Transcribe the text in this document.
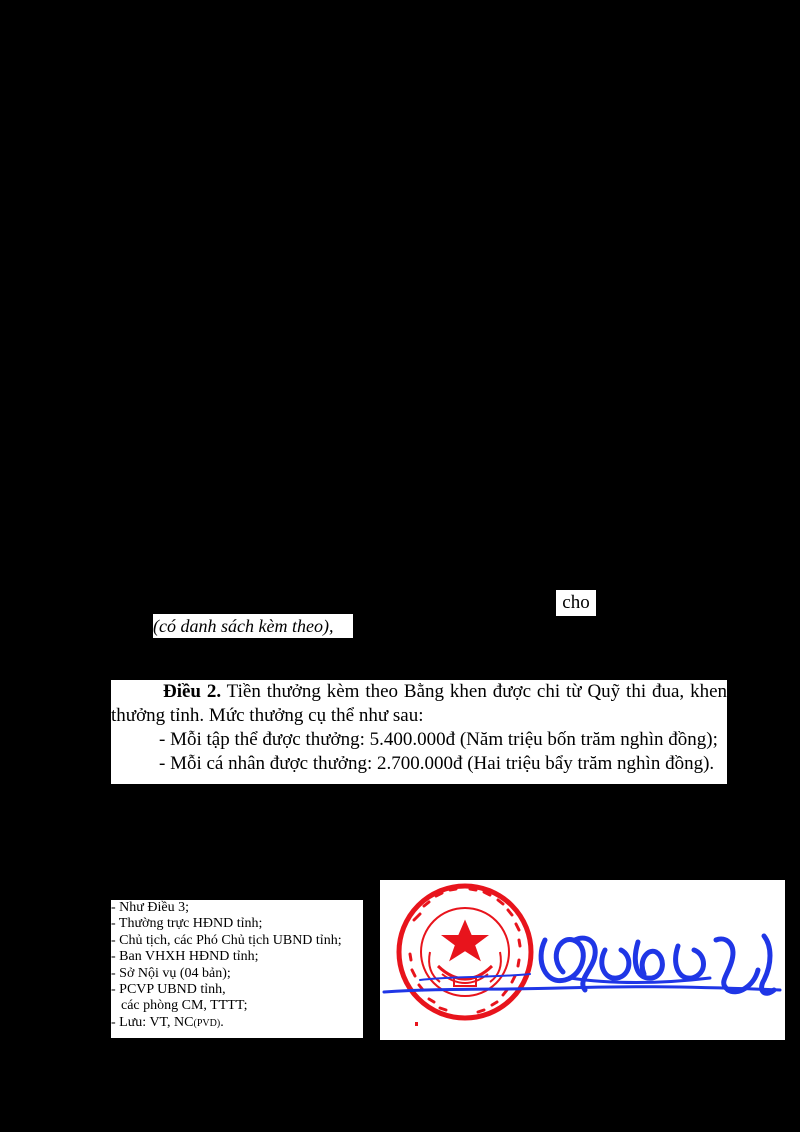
cho
(có danh sách kèm theo),

Điều 2. Tiền thưởng kèm theo Bằng khen được chi từ Quỹ thi đua, khen thưởng tỉnh. Mức thưởng cụ thể như sau:

- Mỗi tập thể được thưởng: 5.400.000đ (Năm triệu bốn trăm nghìn đồng);

- Mỗi cá nhân được thưởng: 2.700.000đ (Hai triệu bẩy trăm nghìn đồng).

- Như Điều 3;
- Thường trực HĐND tỉnh;
- Chủ tịch, các Phó Chủ tịch UBND tỉnh;
- Ban VHXH HĐND tỉnh;
- Sở Nội vụ (04 bản);
- PCVP UBND tỉnh,
các phòng CM, TTTT;
- Lưu: VT, NC(PVD).
